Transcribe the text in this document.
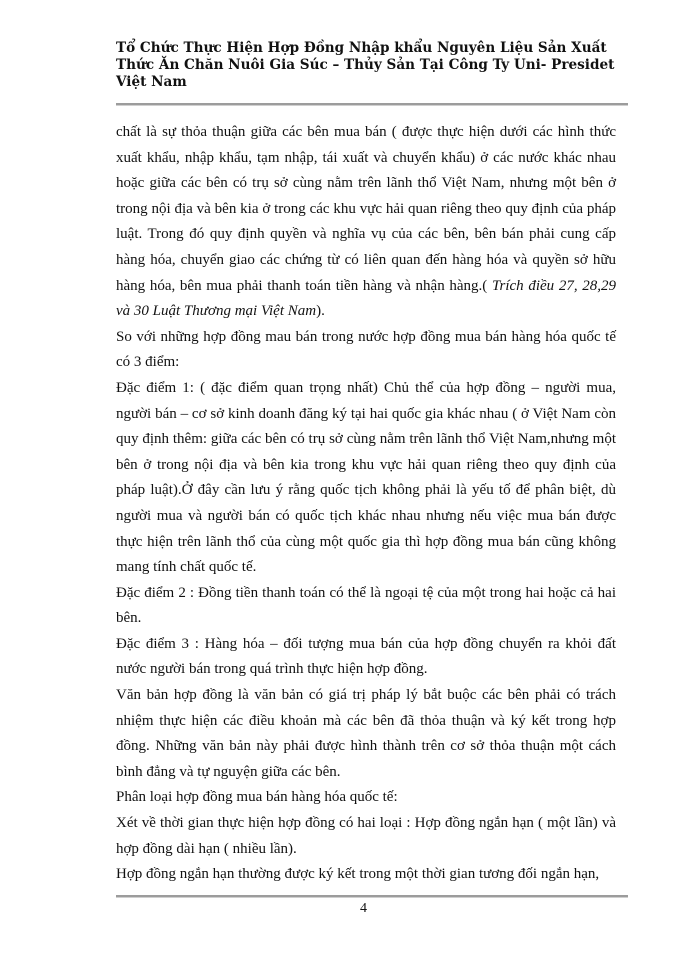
Tổ Chức Thực Hiện Hợp Đồng Nhập khẩu Nguyên Liệu Sản Xuất Thức Ăn Chăn Nuôi Gia Súc – Thủy Sản Tại Công Ty Uni- Presidet Việt Nam

chất là sự thỏa thuận giữa các bên mua bán ( được thực hiện dưới các hình thức xuất khẩu, nhập khẩu, tạm nhập, tái xuất và chuyển khẩu) ở các nước khác nhau hoặc giữa các bên có trụ sở cùng nằm trên lãnh thổ Việt Nam, nhưng một bên ở trong nội địa và bên kia ở trong các khu vực hải quan riêng theo quy định của pháp luật. Trong đó quy định quyền và nghĩa vụ của các bên, bên bán phải cung cấp hàng hóa, chuyển giao các chứng từ có liên quan đến hàng hóa và quyền sở hữu hàng hóa, bên mua phải thanh toán tiền hàng và nhận hàng.( Trích điều 27, 28,29 và 30 Luật Thương mại Việt Nam).

So với những hợp đồng mau bán trong nước hợp đồng mua bán hàng hóa quốc tế có 3 điểm:

Đặc điểm 1: ( đặc điểm quan trọng nhất) Chủ thể của hợp đồng – người mua, người bán – cơ sở kinh doanh đăng ký tại hai quốc gia khác nhau ( ở Việt Nam còn quy định thêm: giữa các bên có trụ sở cùng nằm trên lãnh thổ Việt Nam,nhưng một bên ở trong nội địa và bên kia trong khu vực hải quan riêng theo quy định của pháp luật).Ở đây cần lưu ý rằng quốc tịch không phải là yếu tố để phân biệt, dù người mua và người bán có quốc tịch khác nhau nhưng nếu việc mua bán được thực hiện trên lãnh thổ của cùng một quốc gia thì hợp đồng mua bán cũng không mang tính chất quốc tế.

Đặc điểm 2 : Đồng tiền thanh toán có thể là ngoại tệ của một trong hai hoặc cả hai bên.

Đặc điểm 3 : Hàng hóa – đối tượng mua bán của hợp đồng chuyển ra khỏi đất nước người bán trong quá trình thực hiện hợp đồng.

Văn bản hợp đồng là văn bản có giá trị pháp lý bắt buộc các bên phải có trách nhiệm thực hiện các điều khoản mà các bên đã thỏa thuận và ký kết trong hợp đồng. Những văn bản này phải được hình thành trên cơ sở thỏa thuận một cách bình đẳng và tự nguyện giữa các bên.

Phân loại hợp đồng mua bán hàng hóa quốc tế:

Xét về thời gian thực hiện hợp đồng có hai loại : Hợp đồng ngắn hạn ( một lần) và hợp đồng dài hạn ( nhiều lần).

Hợp đồng ngắn hạn thường được ký kết trong một thời gian tương đối ngắn hạn,

4
